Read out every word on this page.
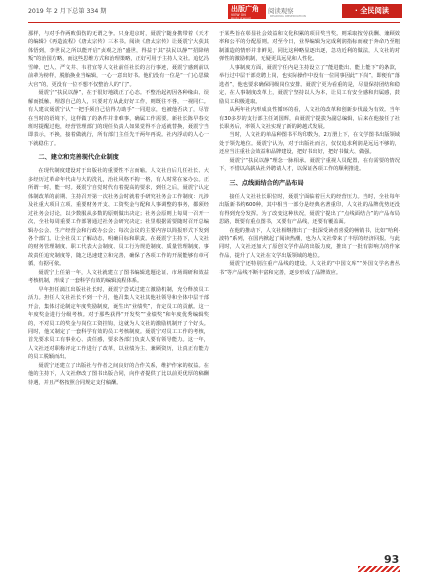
2019 年 2 月下总第 334 期	出版广角
VIEW ON PUBLISHING
阅读观察
READING OBSERVATION
· 全民阅读

那样，与对手作两败俱伤的无谓之争。只身进京时，聂震宁随身携带着《天才的编辑》《再造流程》《唐太宗传》三本书。阅读《唐太宗传》让聂震宁大获其体悟到，李世民之所以能开启“贞观之治”盛世，得益于其“扶民以静”“招降纳叛”的治国方略，而这些思维方式和治理策略，正好可用于主持人文社。追忆冯雪峰、巴人、严文井、韦君宜等人文社前任社长的言行事迹，聂震宁感到前以前辈为榜样，脱胎换业当编辑，一心一意出好书。他们没有一位是“一门心思做大官”的，更没有一位不想不仅整治人的“门”。

聂震宁“扶民以静”，在于很好地践正了心态。不整治起初因各种缘由、误解而抵触、埋怨自己的人，只要对方从此好好工作，则既往不咎，一视同仁。有人建议聂震宁认“一把手须自己信得力助手”一同进京，也被他否决了，尽管在当时的语境下，这样做了的条件并非难事，确属工作需要。新社长陈早春交班时提醒过他，经营管理部门的现任负责人如果觉得不合适就替换，聂震宁当即表示，不换，接着做就行，所有部门主任先干两年再说。社内浮动的人心一下就稳住了。

二、建立和完善现代企业制度

在现代制度建设对于出版社的重要性不言而喻。人文社自后几任社长、大多经历过革命年代由与大的洗礼，治社风格不拘一格，有人时常在家办公。正所谓一时，能一时。聂震宁自觉时代有着提高的要求，到任之后，聂震宁认定体制改革的前期、主持召开第一次社务会时就着手研究社务会工作制度：凡涉及社重大项目立项、重要财务开支、工资奖金与配和人事调整的事务，都须经过社务会讨论，以少数服从多数的原则做出决定；社务会原则上每周一召开一次，全社每周重要工作部署通过社务会研究决定；社里根据需要随时召开总编辑办公会、生产经营会和行政办公会；每次会议的主要内容以简报形式下发到各个部门。让全社员工了解动态，明确目标和职责。在聂震宁主持下，人文社的财务管理制度、职工代表大会制度、员工行为规范制度、质量管理制度、事故责任追究制度等，随之迅速建立和完善，确保了各项工作的开展能够有章可循，有据可依。

聂震宁上任第一年，人文社就建立了图书编辑选题论证、市场调研和效益考核机制，形成了一套科学有效的编辑流程体系。

早年担任漓江出版社社长时，聂震宁尝试过建立激励机制，充分释放员工活力。担任人文社社长不到一个月，他召集人文社其他社领导和全体中层干部开会，集体讨论制定年度奖励制度，诞生出“业绩奖”，肯定员工的贡献。这一年度奖金进行分级考核。对于那些获得“开发奖”“业绩奖”和年度优秀编辑奖的，不对员工的奖金与岗位工资挂钩，这就为人文社的激励机制开了个好头。同时，他又制定了一套科学有效的员工考核制度。聂震宁对员工工作的考核，首先要求员工有事业心、责任感，要求各部门负责人要有领导能力。这一年，人文社还对职称评定工作进行了改革，以业绩为主、兼顾资历，让真正有能力的员工脱颖而出。

聂震宁还建立了出版社与作者之间良好的合作关系，维护作家的权益。在他的主持下，人文社修改了图书出版合同，向作者提供了比以前更优厚的稿酬待遇，并且严格按照合同规定支付稿酬。

于某些旨在彰显社会效益和文化积累的项目奖当奖。则采取按劳获酬、兼顾效率和公平的分配原则。对至今日，业界编辑为完成利润指标而疲于奔命乃至粗制滥造的情形并非鲜见，同比这种略显逐出逐，急功近利的做法，人文社的对弹性的激励机制，无疑更具远见和人性化。

人事制度方面，聂震宁任内是主持设立了“能进能出、能上能下”的条款，举行过中层干部竞聘上岗，也实际操作中没有一位同事因此“下岗”，即便有“落选者”，他也要求确保同级岗位安排。聂震宁更为看重的是，尽量保持团结和稳定，在人事制度改革上，聂震宁坚持以人为本，让员工有安全感和归属感，鼓励员工积极进取。

从两年社内形成良性循环的看，人文社的改革和创新步伐最为有效。当年有30多岁的支行部主任刘国辉，由聂震宁提拔为副总编辑，后来在他接任了社长职务后，率领人文社实现了新的跨越式发展。

当时，人文社的单品种图书平均印数为，2万册上下，在文学图书出版领域处于领先地位。聂震宁认为，对于出版社而言，仅仅追求利润是远远不够的，还应当注重社会效益和品牌建设，把好书出好，把好书做大、做强。

聂震宁“扶民以静”理念一脉相承。聂震宁重视人员配置，在有需要的情况下，不惜以高薪从社外聘请人才，以保证各项工作的顺利推进。

三、点线面结合的产品布局

接任人文社社长职位时，聂震宁面临着巨大的经营压力。当时，全社每年出版新书约600种，其中相当一部分是经典名著重印，人文社的品牌优势还没有得到充分发挥。为了改变这种状况，聂震宁提出了“点线面结合”的产品布局思路，既要有重点图书，又要有产品线，还要有覆盖面。

在他的推动下，人文社相继推出了一批深受读者喜爱的畅销书，比如“哈利·波特”系列，在国内掀起了阅读热潮，也为人文社带来了丰厚的经济回报。与此同时，人文社还加大了原创文学作品的出版力度，推出了一批有影响力的作家作品，提升了人文社在文学出版领域的地位。

聂震宁还特别注重产品线的建设，人文社的“中国文库”“外国文学名著丛书”等产品线不断丰富和完善，逐步形成了品牌效应。

93
